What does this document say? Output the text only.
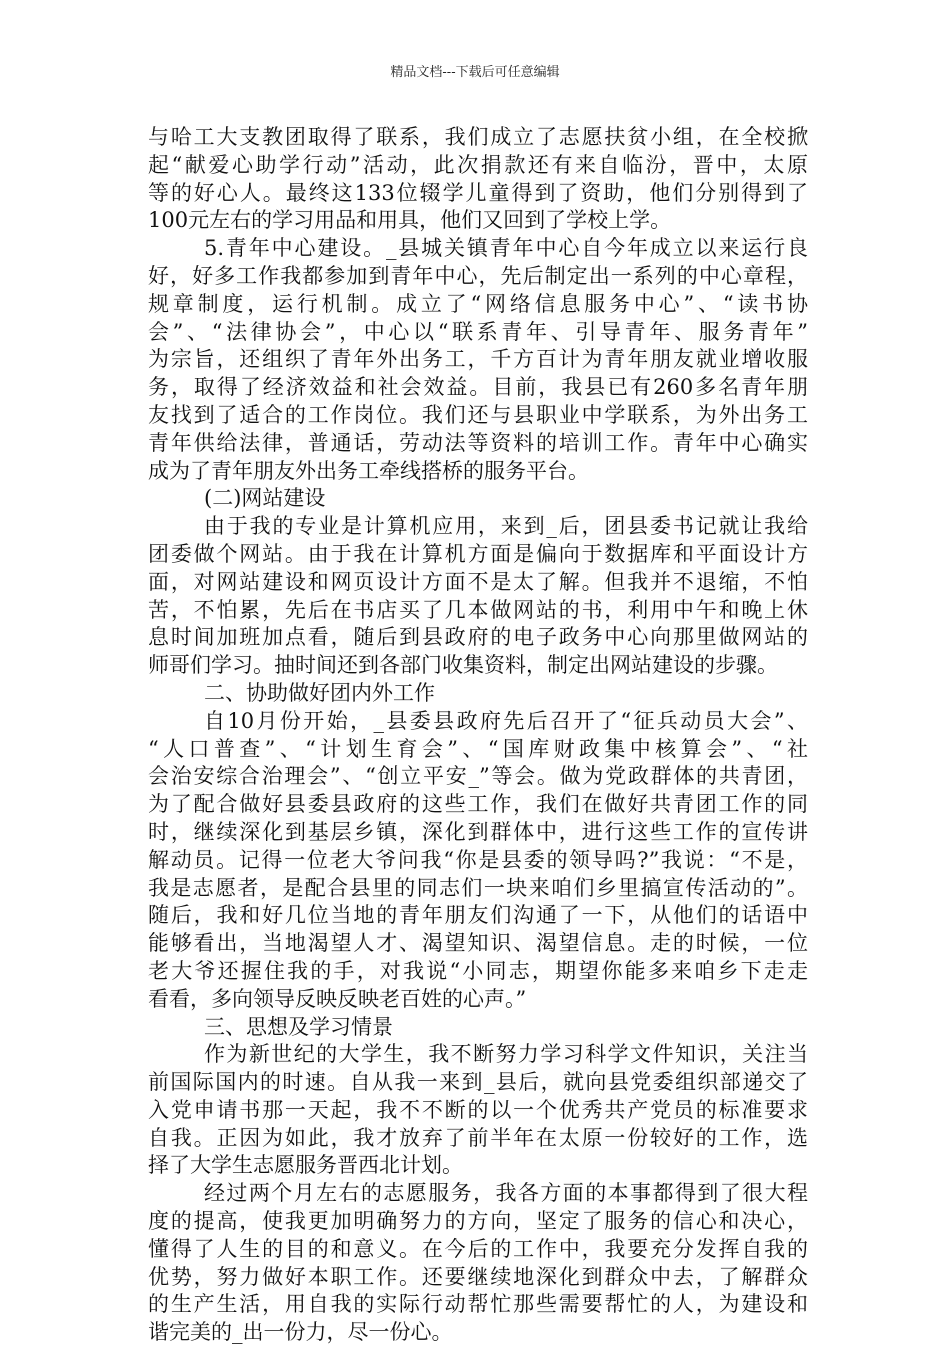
精品文档---下载后可任意编辑
与哈工大支教团取得了联系，我们成立了志愿扶贫小组，在全校掀
起“献爱心助学行动”活动，此次捐款还有来自临汾，晋中，太原
等的好心人。最终这133位辍学儿童得到了资助，他们分别得到了
100元左右的学习用品和用具，他们又回到了学校上学。
5.青年中心建设。_县城关镇青年中心自今年成立以来运行良
好，好多工作我都参加到青年中心，先后制定出一系列的中心章程，
规章制度，运行机制。成立了“网络信息服务中心”、“读书协
会”、“法律协会”，中心以“联系青年、引导青年、服务青年”
为宗旨，还组织了青年外出务工，千方百计为青年朋友就业增收服
务，取得了经济效益和社会效益。目前，我县已有260多名青年朋
友找到了适合的工作岗位。我们还与县职业中学联系，为外出务工
青年供给法律，普通话，劳动法等资料的培训工作。青年中心确实
成为了青年朋友外出务工牵线搭桥的服务平台。
(二)网站建设
由于我的专业是计算机应用，来到_后，团县委书记就让我给
团委做个网站。由于我在计算机方面是偏向于数据库和平面设计方
面，对网站建设和网页设计方面不是太了解。但我并不退缩，不怕
苦，不怕累，先后在书店买了几本做网站的书，利用中午和晚上休
息时间加班加点看，随后到县政府的电子政务中心向那里做网站的
师哥们学习。抽时间还到各部门收集资料，制定出网站建设的步骤。
二、协助做好团内外工作
自10月份开始，_县委县政府先后召开了“征兵动员大会”、
“人口普查”、“计划生育会”、“国库财政集中核算会”、“社
会治安综合治理会”、“创立平安_”等会。做为党政群体的共青团，
为了配合做好县委县政府的这些工作，我们在做好共青团工作的同
时，继续深化到基层乡镇，深化到群体中，进行这些工作的宣传讲
解动员。记得一位老大爷问我“你是县委的领导吗?”我说：“不是，
我是志愿者，是配合县里的同志们一块来咱们乡里搞宣传活动的”。
随后，我和好几位当地的青年朋友们沟通了一下，从他们的话语中
能够看出，当地渴望人才、渴望知识、渴望信息。走的时候，一位
老大爷还握住我的手，对我说“小同志，期望你能多来咱乡下走走
看看，多向领导反映反映老百姓的心声。”
三、思想及学习情景
作为新世纪的大学生，我不断努力学习科学文件知识，关注当
前国际国内的时速。自从我一来到_县后，就向县党委组织部递交了
入党申请书那一天起，我不不断的以一个优秀共产党员的标准要求
自我。正因为如此，我才放弃了前半年在太原一份较好的工作，选
择了大学生志愿服务晋西北计划。
经过两个月左右的志愿服务，我各方面的本事都得到了很大程
度的提高，使我更加明确努力的方向，坚定了服务的信心和决心，
懂得了人生的目的和意义。在今后的工作中，我要充分发挥自我的
优势，努力做好本职工作。还要继续地深化到群众中去，了解群众
的生产生活，用自我的实际行动帮忙那些需要帮忙的人，为建设和
谐完美的_出一份力，尽一份心。
